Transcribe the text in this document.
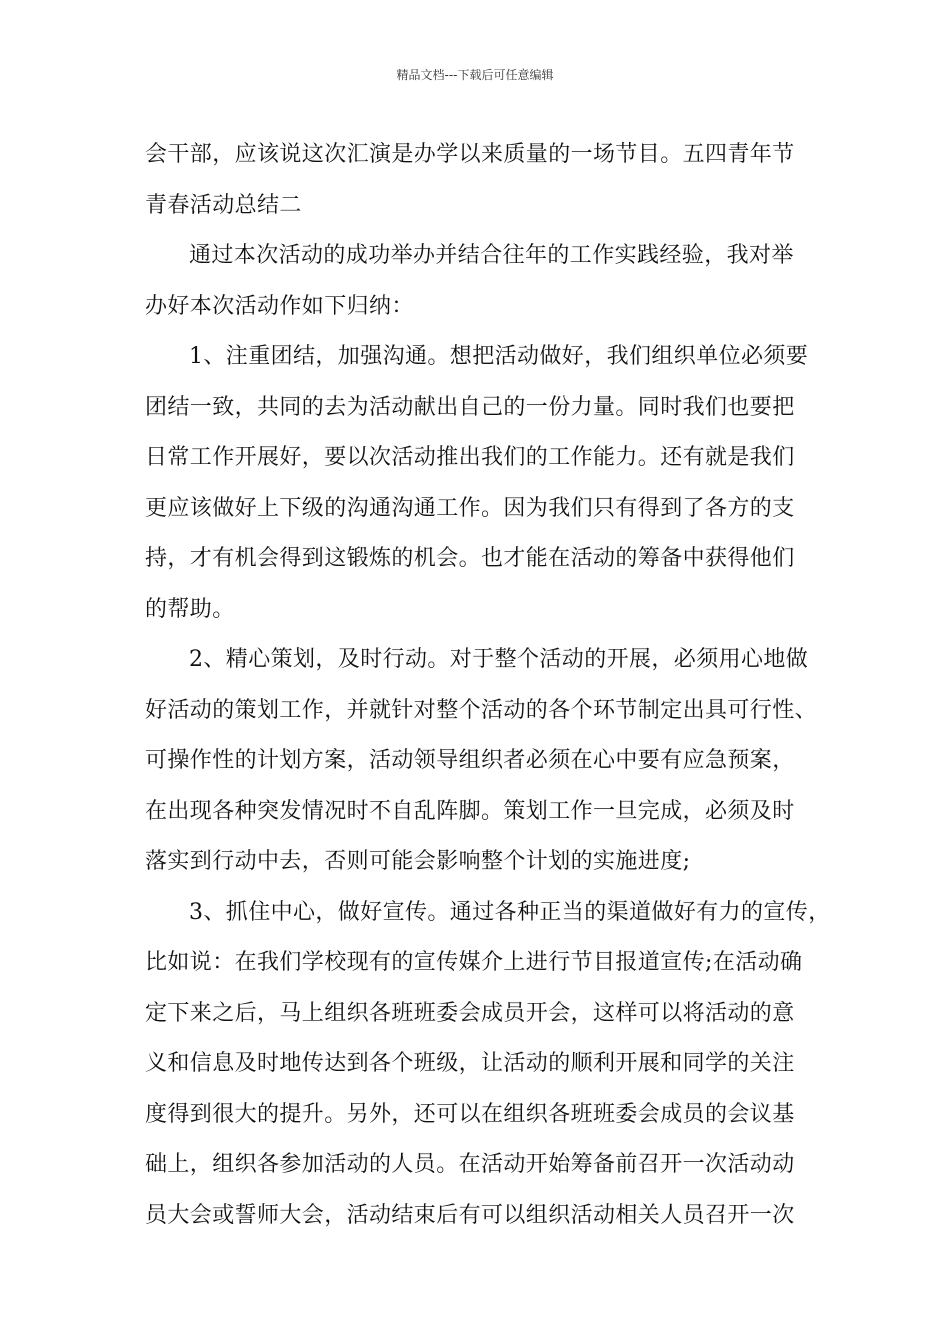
精品文档---下载后可任意编辑
会干部，应该说这次汇演是办学以来质量的一场节目。五四青年节
青春活动总结二
通过本次活动的成功举办并结合往年的工作实践经验，我对举
办好本次活动作如下归纳：
1、注重团结，加强沟通。想把活动做好，我们组织单位必须要
团结一致，共同的去为活动献出自己的一份力量。同时我们也要把
日常工作开展好，要以次活动推出我们的工作能力。还有就是我们
更应该做好上下级的沟通沟通工作。因为我们只有得到了各方的支
持，才有机会得到这锻炼的机会。也才能在活动的筹备中获得他们
的帮助。
2、精心策划，及时行动。对于整个活动的开展，必须用心地做
好活动的策划工作，并就针对整个活动的各个环节制定出具可行性、
可操作性的计划方案，活动领导组织者必须在心中要有应急预案，
在出现各种突发情况时不自乱阵脚。策划工作一旦完成，必须及时
落实到行动中去，否则可能会影响整个计划的实施进度;
3、抓住中心，做好宣传。通过各种正当的渠道做好有力的宣传，
比如说：在我们学校现有的宣传媒介上进行节目报道宣传;在活动确
定下来之后，马上组织各班班委会成员开会，这样可以将活动的意
义和信息及时地传达到各个班级，让活动的顺利开展和同学的关注
度得到很大的提升。另外，还可以在组织各班班委会成员的会议基
础上，组织各参加活动的人员。在活动开始筹备前召开一次活动动
员大会或誓师大会，活动结束后有可以组织活动相关人员召开一次
